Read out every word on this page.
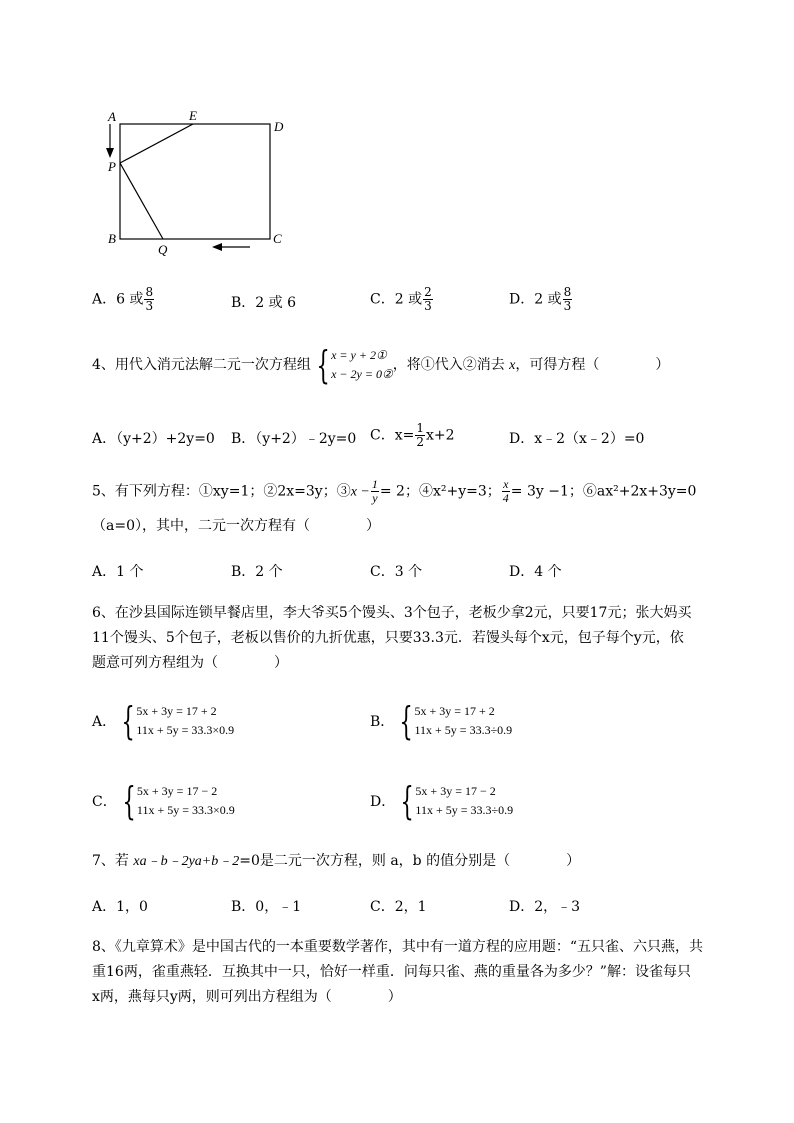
A	E
D
P
B
Q
C
A．6 或 $\frac{8}{3}$	B．2 或 6	C．2 或 $\frac{2}{3}$	D．2 或 $\frac{8}{3}$
4、用代入消元法解二元一次方程组 { x = y + 2①
x − 2y = 0②
，将①代入②消去 x，可得方程（　　　　）
A．（y+2）+2y=0 B．（y+2）﹣2y=0 C．$x= \frac{1}{2} x+2$	D．x﹣2（x﹣2）=0
5、有下列方程：①xy=1；②2x=3y；③x − $\frac{1}{y} = 2$；④x²+y=3； $\frac{x}{4} = 3y -1$；⑥ax²+2x+3y=0
（a=0），其中，二元一次方程有（　　　　）
A．1 个	B．2 个	C．3 个	D．4 个
6、在沙县国际连锁早餐店里，李大爷买5个馒头、3个包子，老板少拿2元，只要17元；张大妈买
11个馒头、5个包子，老板以售价的九折优惠，只要33.3元．若馒头每个x元，包子每个y元，依
题意可列方程组为（　　　　）
A． { 5x + 3y = 17 + 2
11x + 5y = 33.3×0.9	B． { 5x + 3y = 17 + 2
11x + 5y = 33.3÷0.9
C． { 5x + 3y = 17 − 2
11x + 5y = 33.3×0.9	D． { 5x + 3y = 17 − 2
11x + 5y = 33.3÷0.9
7、若 xa﹣b﹣2ya+b﹣2=0是二元一次方程，则 a，b 的值分别是（　　　　）
A．1，0	B．0，﹣1	C．2，1	D．2，﹣3
8、《九章算术》是中国古代的一本重要数学著作，其中有一道方程的应用题：“五只雀、六只燕，共
重16两，雀重燕轻．互换其中一只，恰好一样重．问每只雀、燕的重量各为多少？”解：设雀每只
x两，燕每只y两，则可列出方程组为（　　　　）
